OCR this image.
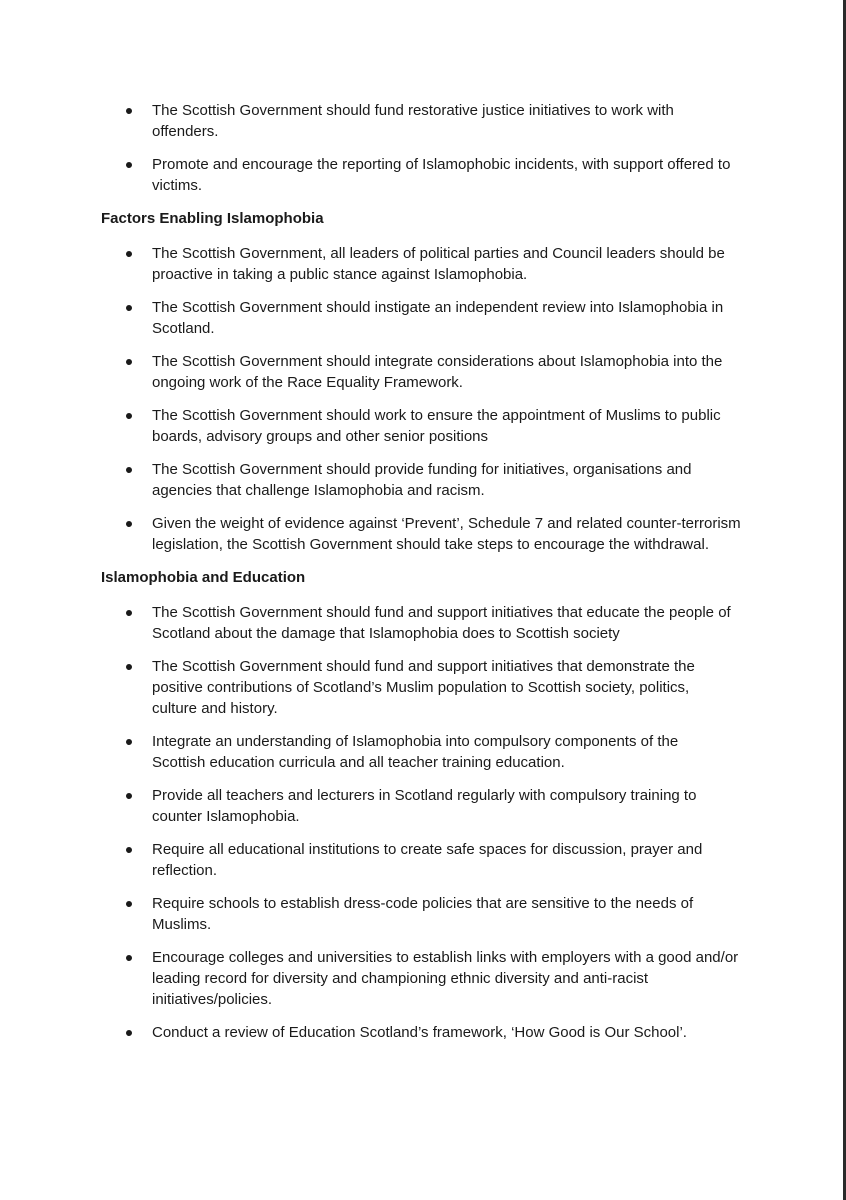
The Scottish Government should fund restorative justice initiatives to work with
offenders.
Promote and encourage the reporting of Islamophobic incidents, with support offered to
victims.
Factors Enabling Islamophobia
The Scottish Government, all leaders of political parties and Council leaders should be
proactive in taking a public stance against Islamophobia.
The Scottish Government should instigate an independent review into Islamophobia in
Scotland.
The Scottish Government should integrate considerations about Islamophobia into the
ongoing work of the Race Equality Framework.
The Scottish Government should work to ensure the appointment of Muslims to public
boards, advisory groups and other senior positions
The Scottish Government should provide funding for initiatives, organisations and
agencies that challenge Islamophobia and racism.
Given the weight of evidence against ‘Prevent’, Schedule 7 and related counter-terrorism
legislation, the Scottish Government should take steps to encourage the withdrawal.
Islamophobia and Education
The Scottish Government should fund and support initiatives that educate the people of
Scotland about the damage that Islamophobia does to Scottish society
The Scottish Government should fund and support initiatives that demonstrate the
positive contributions of Scotland’s Muslim population to Scottish society, politics,
culture and history.
Integrate an understanding of Islamophobia into compulsory components of the
Scottish education curricula and all teacher training education.
Provide all teachers and lecturers in Scotland regularly with compulsory training to
counter Islamophobia.
Require all educational institutions to create safe spaces for discussion, prayer and
reflection.
Require schools to establish dress-code policies that are sensitive to the needs of
Muslims.
Encourage colleges and universities to establish links with employers with a good and/or
leading record for diversity and championing ethnic diversity and anti-racist
initiatives/policies.
Conduct a review of Education Scotland’s framework, ‘How Good is Our School’.
